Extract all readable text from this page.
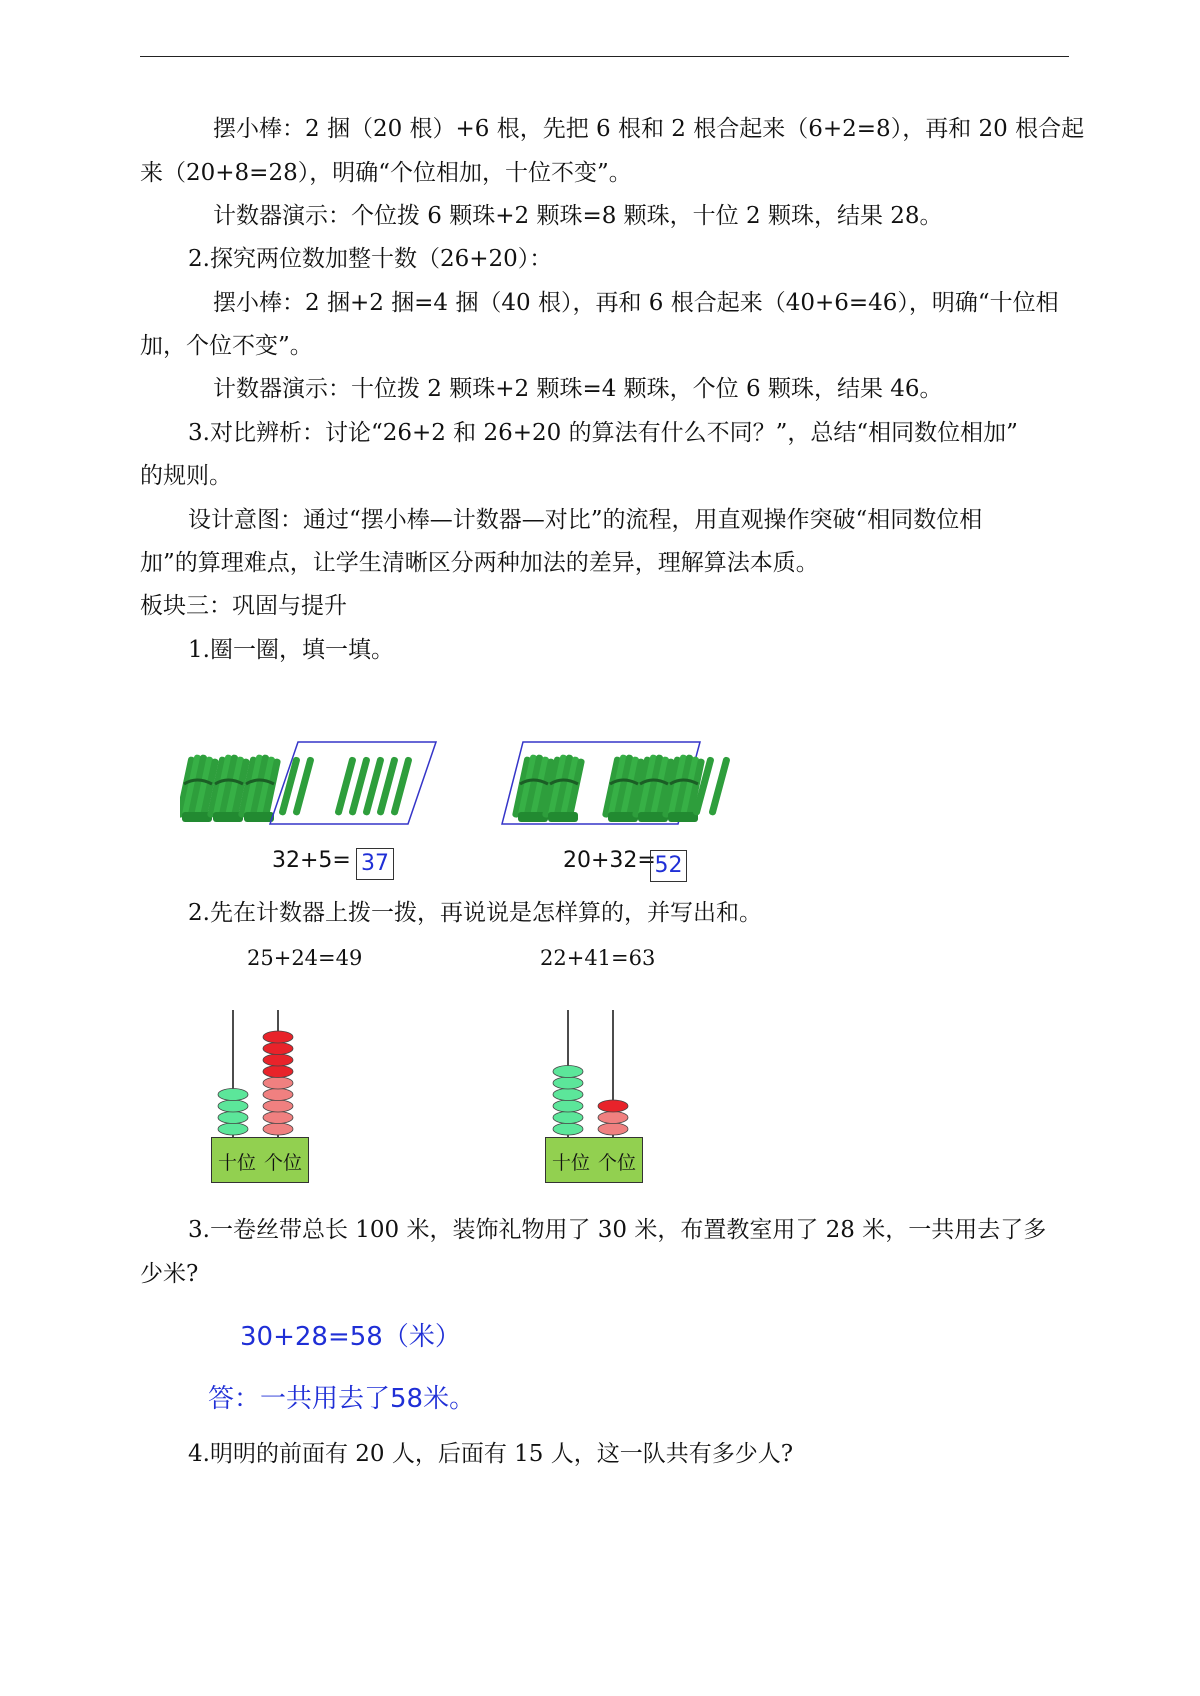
摆小棒：2 捆（20 根）+6 根，先把 6 根和 2 根合起来（6+2=8），再和 20 根合起
来（20+8=28），明确“个位相加，十位不变”。
计数器演示：个位拨 6 颗珠+2 颗珠=8 颗珠，十位 2 颗珠，结果 28。
2.探究两位数加整十数（26+20）：
摆小棒：2 捆+2 捆=4 捆（40 根），再和 6 根合起来（40+6=46），明确“十位相
加，个位不变”。
计数器演示：十位拨 2 颗珠+2 颗珠=4 颗珠，个位 6 颗珠，结果 46。
3.对比辨析：讨论“26+2 和 26+20 的算法有什么不同？”，总结“相同数位相加”
的规则。
设计意图：通过“摆小棒—计数器—对比”的流程，用直观操作突破“相同数位相
加”的算理难点，让学生清晰区分两种加法的差异，理解算法本质。
板块三：巩固与提升
1.圈一圈，填一填。
32+5= 37	20+32=
52
2.先在计数器上拨一拨，再说说是怎样算的，并写出和。
25+24=49	22+41=63
十位 个位	十位 个位
3.一卷丝带总长 100 米，装饰礼物用了 30 米，布置教室用了 28 米，一共用去了多
少米?
30+28=58（米）
答：一共用去了58米。
4.明明的前面有 20 人，后面有 15 人，这一队共有多少人?
